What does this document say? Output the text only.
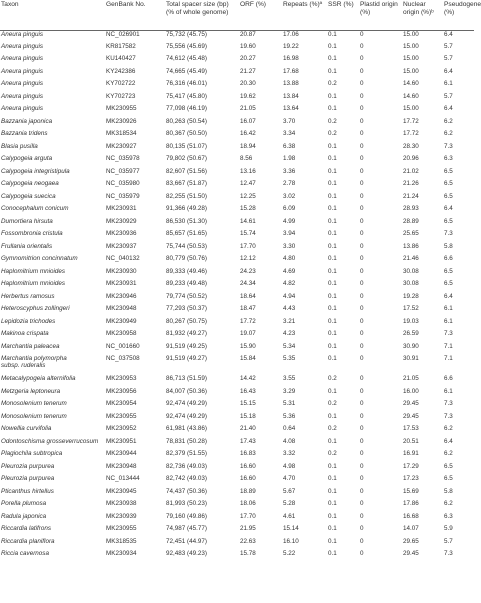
Taxon	GenBank No.	Total spacer size (bp) (% of whole genome)	ORF (%)	Repeats (%)ª	SSR (%)	Plastid origin (%)	Nuclear origin (%)ᵇ	Pseudogene (%)
Aneura pinguis	NC_026901	75,732 (45.75)	20.87	17.06	0.1	0	15.00	6.4
Aneura pinguis	KR817582	75,556 (45.69)	19.60	19.22	0.1	0	15.00	5.7
Aneura pinguis	KU140427	74,612 (45.48)	20.27	16.98	0.1	0	15.00	5.7
Aneura pinguis	KY242386	74,665 (45.49)	21.27	17.68	0.1	0	15.00	6.4
Aneura pinguis	KY702722	76,316 (46.01)	20.30	13.88	0.2	0	14.60	6.1
Aneura pinguis	KY702723	75,417 (45.80)	19.62	13.84	0.1	0	14.60	5.7
Aneura pinguis	MK230955	77,098 (46.19)	21.05	13.64	0.1	0	15.00	6.4
Bazzania japonica	MK230926	80,263 (50.54)	16.07	3.70	0.2	0	17.72	6.2
Bazzania tridens	MK318534	80,367 (50.50)	16.42	3.34	0.2	0	17.72	6.2
Blasia pusilla	MK230927	80,135 (51.07)	18.94	6.38	0.1	0	28.30	7.3
Calypogeia arguta	NC_035978	79,802 (50.67)	8.56	1.98	0.1	0	20.96	6.3
Calypogeia integristipula	NC_035977	82,607 (51.56)	13.16	3.36	0.1	0	21.02	6.5
Calypogeia neogaea	NC_035980	83,667 (51.87)	12.47	2.78	0.1	0	21.26	6.5
Calypogeia suecica	NC_035979	82,255 (51.50)	12.25	3.02	0.1	0	21.24	6.5
Conocephalum conicum	MK230931	91,366 (49.28)	15.28	6.09	0.1	0	28.93	6.4
Dumortiera hirsuta	MK230929	86,530 (51.30)	14.61	4.99	0.1	0	28.89	6.5
Fossombronia cristula	MK230936	85,657 (51.65)	15.74	3.94	0.1	0	25.65	7.3
Frullania orientalis	MK230937	75,744 (50.53)	17.70	3.30	0.1	0	13.86	5.8
Gymnomitrion concinnatum	NC_040132	80,779 (50.76)	12.12	4.80	0.1	0	21.46	6.6
Haplomitrium mnioides	MK230930	89,333 (49.46)	24.23	4.69	0.1	0	30.08	6.5
Haplomitrium mnioides	MK230931	89,233 (49.48)	24.34	4.82	0.1	0	30.08	6.5
Herbertus ramosus	MK230946	79,774 (50.52)	18.64	4.94	0.1	0	19.28	6.4
Heteroscyphus zollingeri	MK230948	77,293 (50.37)	18.47	4.43	0.1	0	17.52	6.1
Lepidozia trichodes	MK230949	80,267 (50.75)	17.72	3.21	0.1	0	19.03	6.1
Makinoa crispata	MK230958	81,932 (49.27)	19.07	4.23	0.1	0	26.59	7.3
Marchantia paleacea	NC_001660	91,519 (49.25)	15.90	5.34	0.1	0	30.90	7.1

Marchantia polymorpha
subsp. ruderalis	NC_037508	91,519 (49.27)	15.84	5.35	0.1	0	30.91	7.1
Metacalypogeia alternifolia	MK230953	86,713 (51.59)	14.42	3.55	0.2	0	21.05	6.6
Metzgeria leptoneura	MK230956	84,007 (50.36)	16.43	3.29	0.1	0	16.00	6.1
Monosolenium tenerum	MK230954	92,474 (49.29)	15.15	5.31	0.2	0	29.45	7.3
Monosolenium tenerum	MK230955	92,474 (49.29)	15.18	5.36	0.1	0	29.45	7.3
Nowellia curvifolia	MK230952	61,981 (43.86)	21.40	0.64	0.2	0	17.53	6.2
Odontoschisma grosseverrucosum	MK230951	78,831 (50.28)	17.43	4.08	0.1	0	20.51	6.4
Plagiochila subtropica	MK230944	82,379 (51.55)	16.83	3.32	0.2	0	16.91	6.2
Pleurozia purpurea	MK230948	82,736 (49.03)	16.60	4.98	0.1	0	17.29	6.5
Pleurozia purpurea	NC_013444	82,742 (49.03)	16.60	4.70	0.1	0	17.23	6.5
Pticanthus hirtellus	MK230945	74,437 (50.36)	18.89	5.67	0.1	0	15.69	5.8
Porella plumosa	MK230938	81,993 (50.23)	18.06	5.28	0.1	0	17.86	6.2
Radula japonica	MK230939	79,160 (49.86)	17.70	4.61	0.1	0	16.68	6.3
Riccardia latifrons	MK230955	74,987 (45.77)	21.95	15.14	0.1	0	14.07	5.9
Riccardia planiflora	MK318535	72,451 (44.97)	22.63	16.10	0.1	0	29.65	5.7
Riccia cavernosa	MK230934	92,483 (49.23)	15.78	5.22	0.1	0	29.45	7.3
